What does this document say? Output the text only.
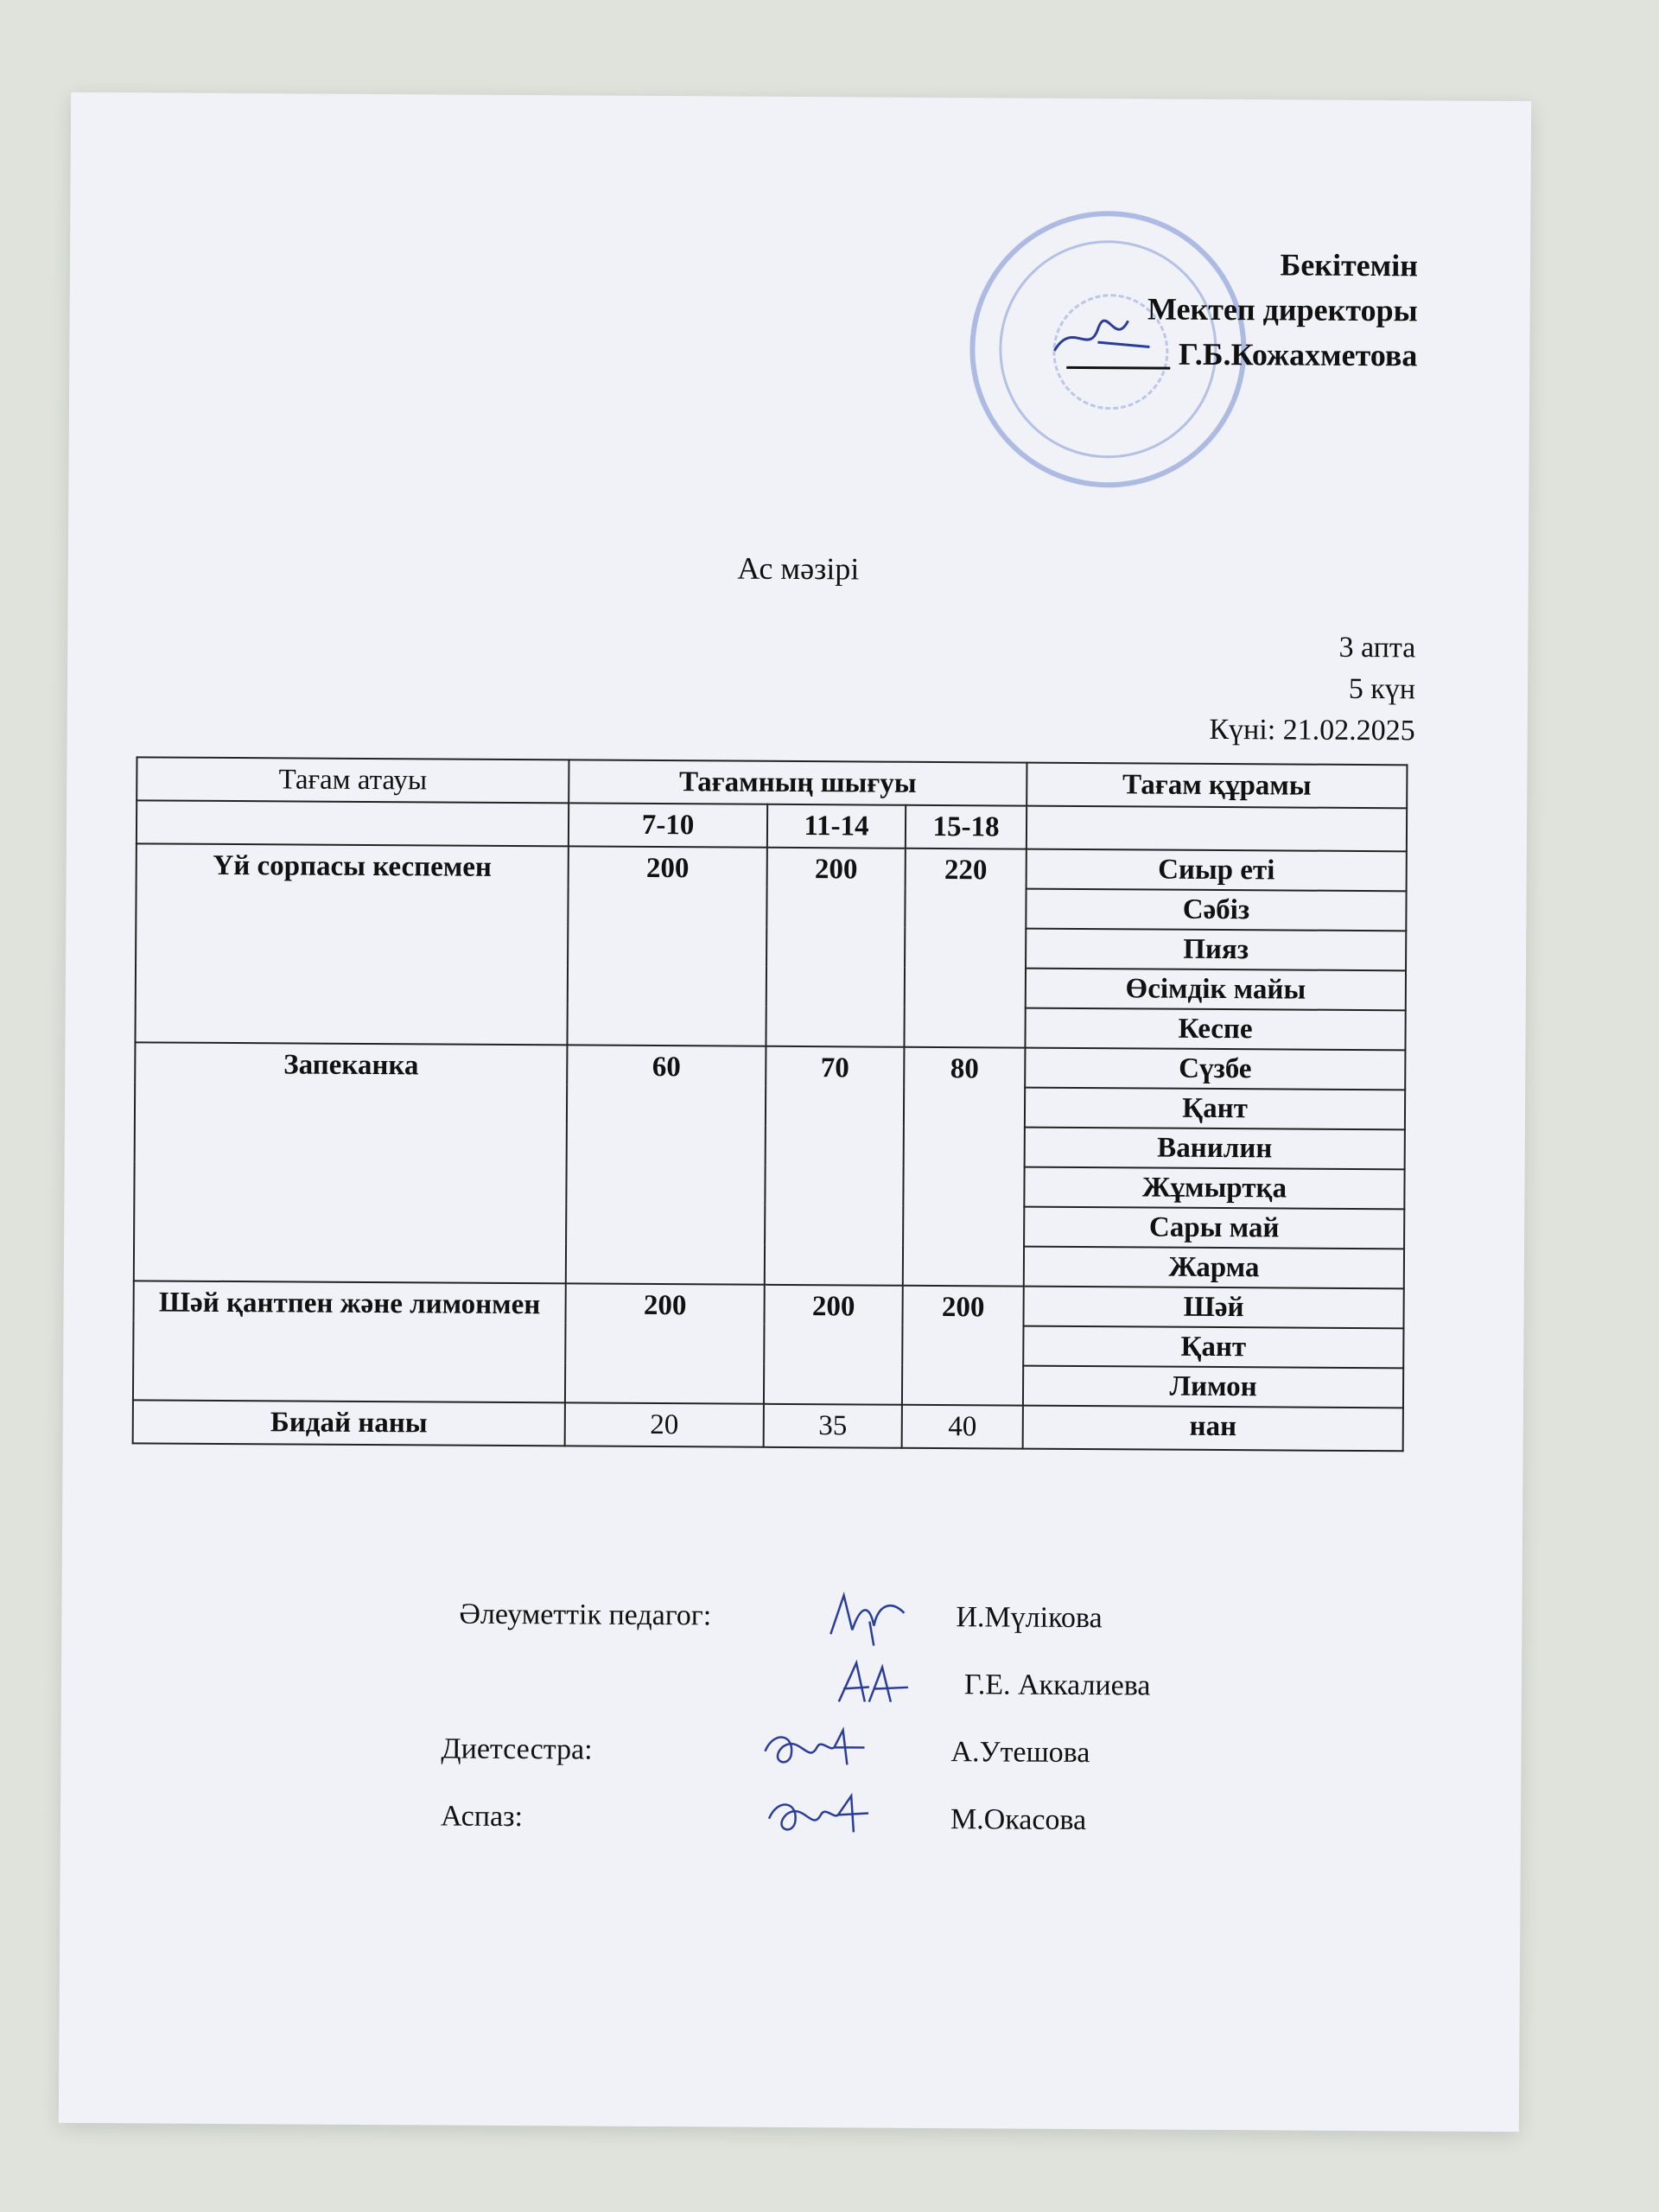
Бекітемін
Мектеп директоры
Г.Б.Кожахметова
Ас мәзірі
3 апта
5 күн
Күні: 21.02.2025
Тағам атауы	Тағамның шығуы			Тағам құрамы
	7-10	11-14	15-18	
Үй сорпасы кеспемен	200	200	220	Сиыр еті
				Сәбіз
				Пияз
				Өсімдік майы
				Кеспе
Запеканка	60	70	80	Сүзбе
				Қант
				Ванилин
				Жұмыртқа
				Сары май
				Жарма
Шәй қантпен және лимонмен	200	200	200	Шәй
				Қант
				Лимон
Бидай наны	20	35	40	нан
Әлеуметтік педагог:	И.Мүлікова
Г.Е. Аккалиева
Диетсестра:	А.Утешова
Аспаз:	М.Окасова
